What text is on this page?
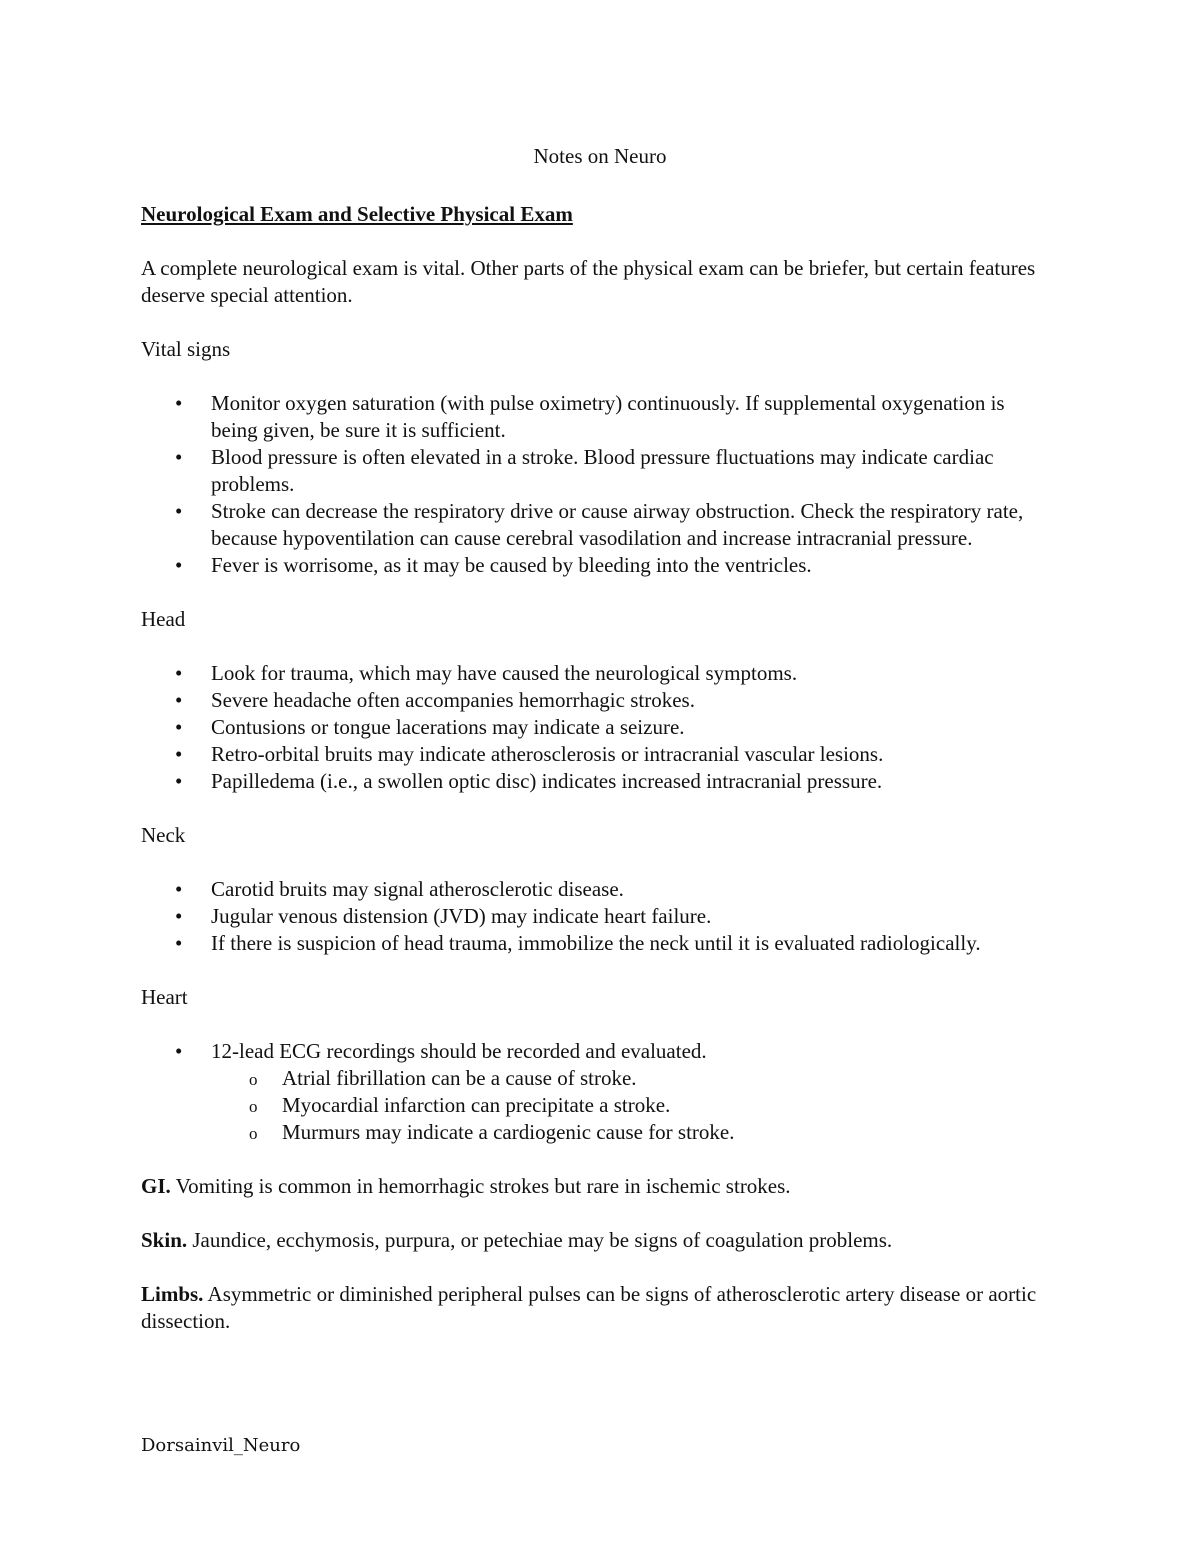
Notes on Neuro
Neurological Exam and Selective Physical Exam

A complete neurological exam is vital. Other parts of the physical exam can be briefer, but certain features deserve special attention.

Vital signs
• Monitor oxygen saturation (with pulse oximetry) continuously. If supplemental oxygenation is being given, be sure it is sufficient.
• Blood pressure is often elevated in a stroke. Blood pressure fluctuations may indicate cardiac problems.
• Stroke can decrease the respiratory drive or cause airway obstruction. Check the respiratory rate, because hypoventilation can cause cerebral vasodilation and increase intracranial pressure.
• Fever is worrisome, as it may be caused by bleeding into the ventricles.
Head
• Look for trauma, which may have caused the neurological symptoms.
• Severe headache often accompanies hemorrhagic strokes.
• Contusions or tongue lacerations may indicate a seizure.
• Retro-orbital bruits may indicate atherosclerosis or intracranial vascular lesions.
• Papilledema (i.e., a swollen optic disc) indicates increased intracranial pressure.
Neck
• Carotid bruits may signal atherosclerotic disease.
• Jugular venous distension (JVD) may indicate heart failure.
• If there is suspicion of head trauma, immobilize the neck until it is evaluated radiologically.
Heart
• 12-lead ECG recordings should be recorded and evaluated.
o Atrial fibrillation can be a cause of stroke.
o Myocardial infarction can precipitate a stroke.
o Murmurs may indicate a cardiogenic cause for stroke.

GI. Vomiting is common in hemorrhagic strokes but rare in ischemic strokes.

Skin. Jaundice, ecchymosis, purpura, or petechiae may be signs of coagulation problems.

Limbs. Asymmetric or diminished peripheral pulses can be signs of atherosclerotic artery disease or aortic dissection.

Dorsainvil_Neuro
